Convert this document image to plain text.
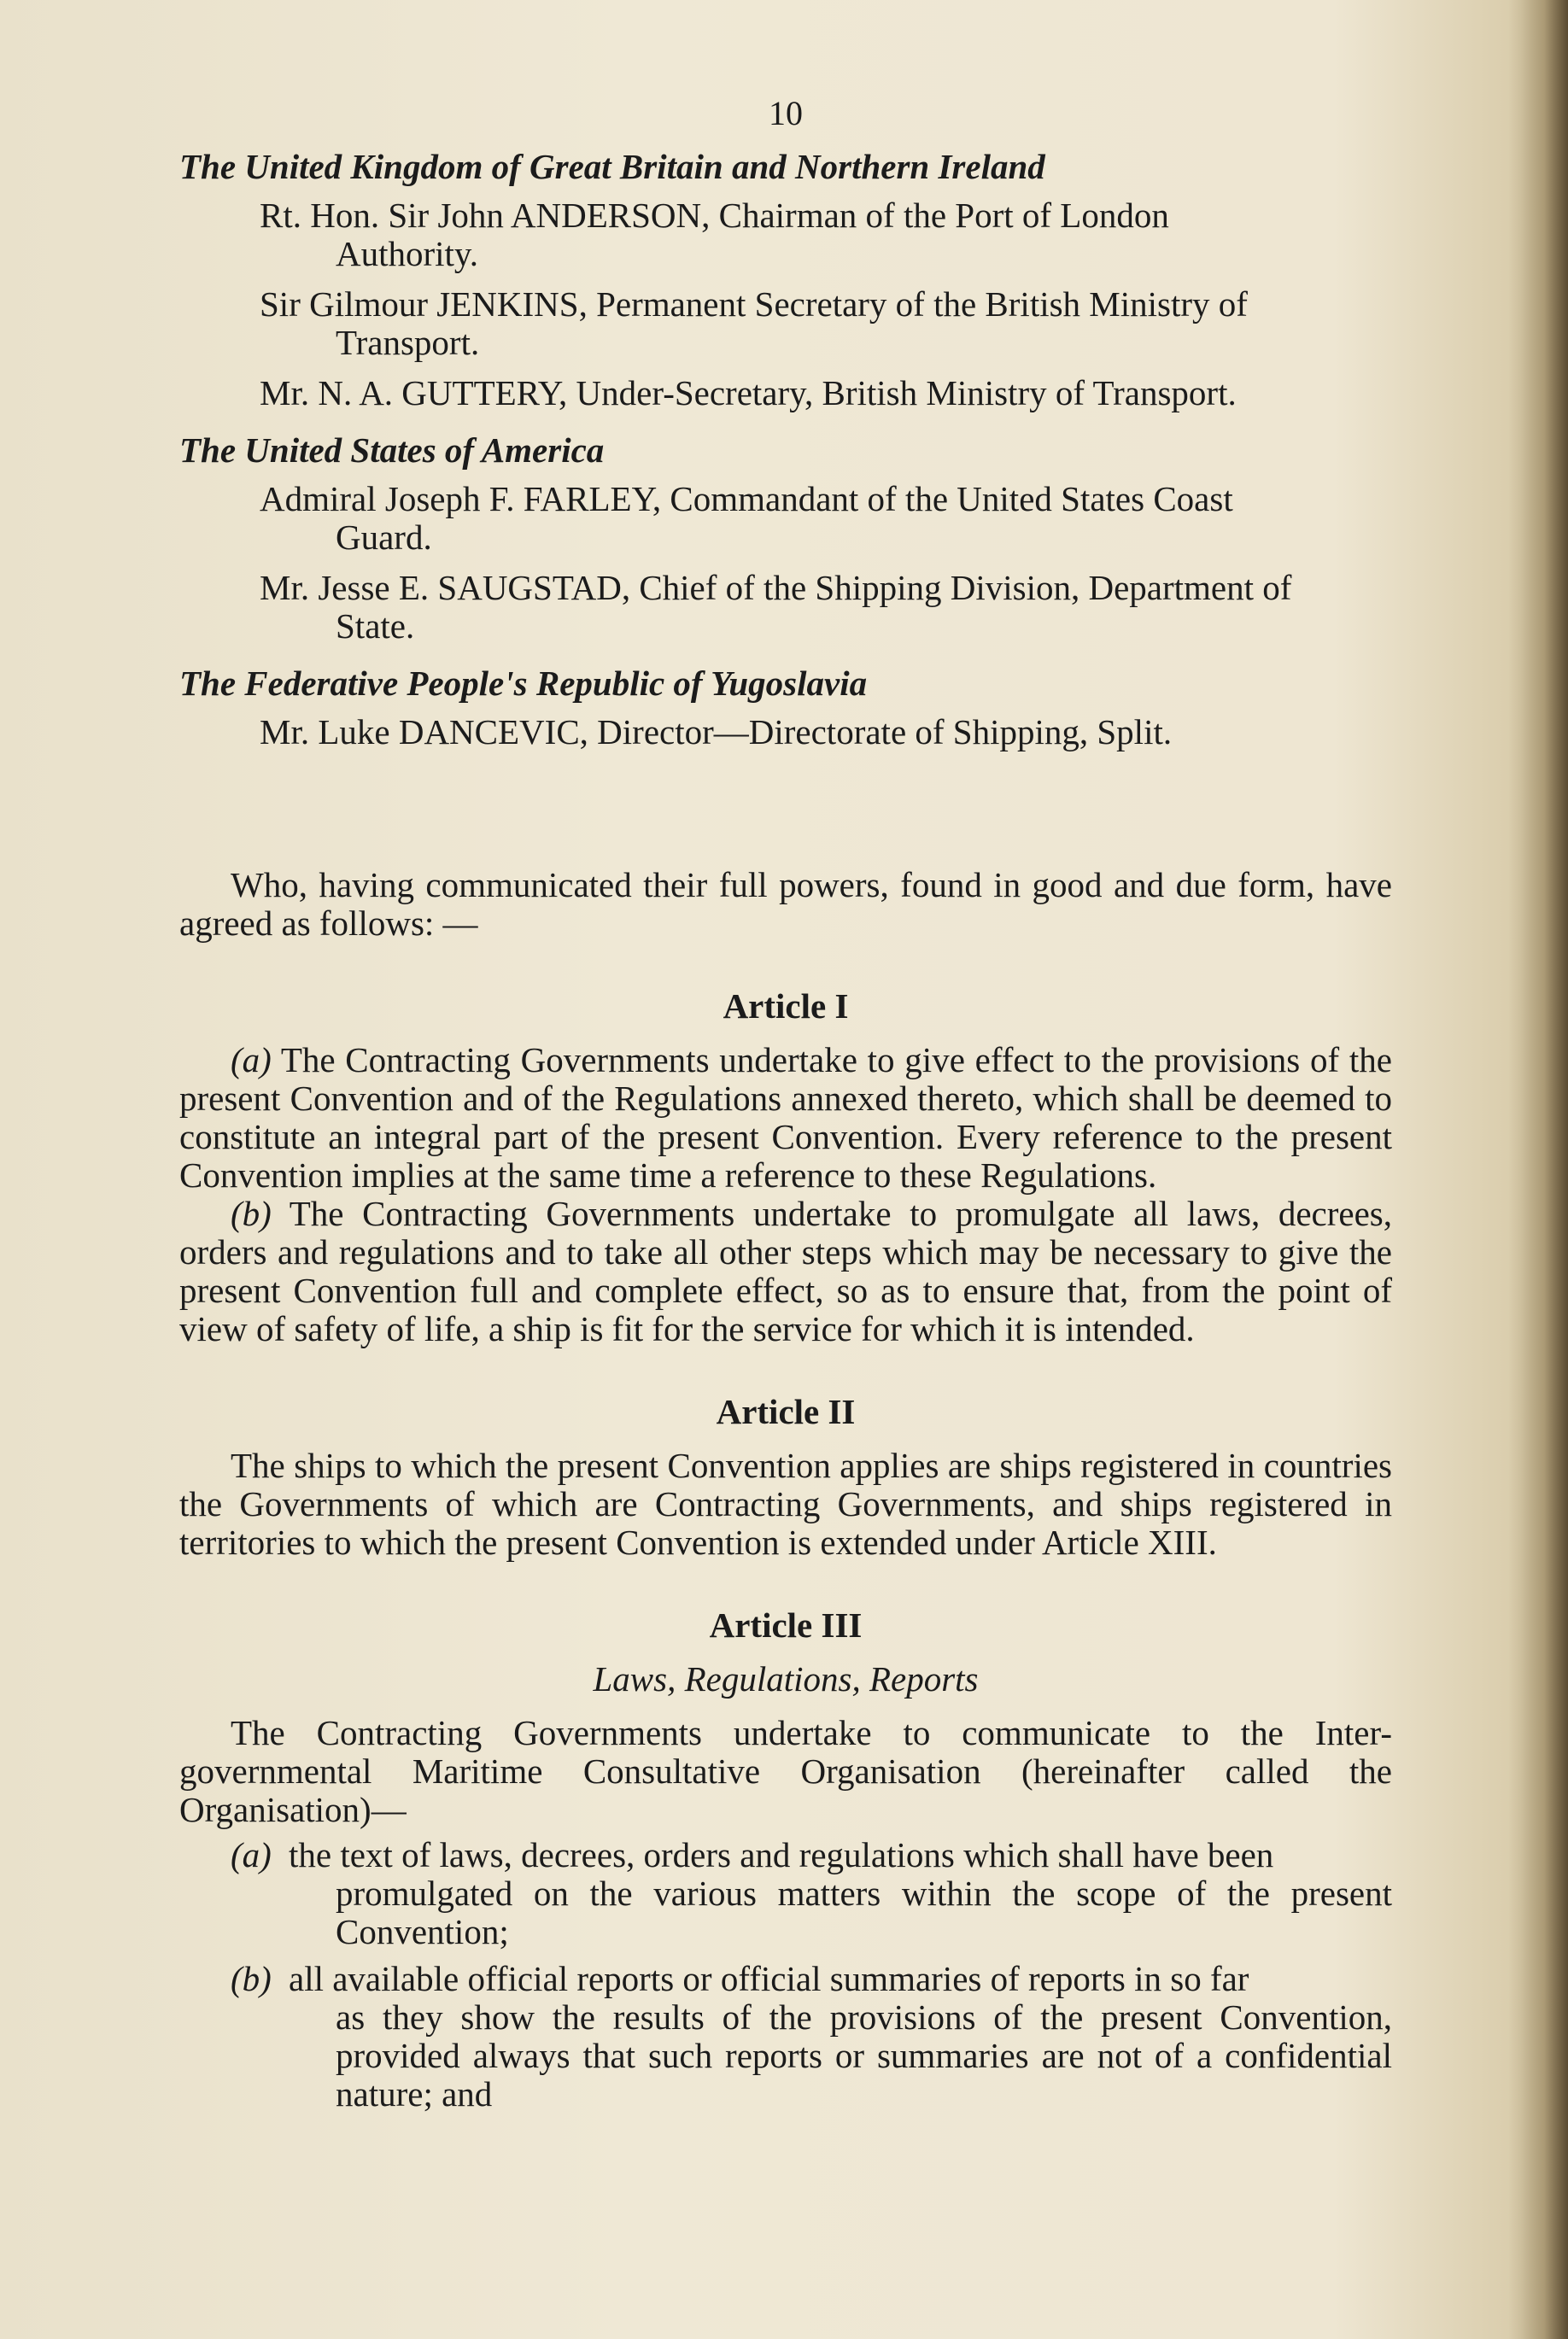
10
The United Kingdom of Great Britain and Northern Ireland
Rt. Hon. Sir John ANDERSON, Chairman of the Port of London
Authority.
Sir Gilmour JENKINS, Permanent Secretary of the British Ministry of
Transport.
Mr. N. A. GUTTERY, Under-Secretary, British Ministry of Transport.
The United States of America
Admiral Joseph F. FARLEY, Commandant of the United States Coast
Guard.
Mr. Jesse E. SAUGSTAD, Chief of the Shipping Division, Department of
State.
The Federative People's Republic of Yugoslavia
Mr. Luke DANCEVIC, Director—Directorate of Shipping, Split.

Who, having communicated their full powers, found in good and due form, have agreed as follows: —

Article I

(a) The Contracting Governments undertake to give effect to the provisions of the present Convention and of the Regulations annexed thereto, which shall be deemed to constitute an integral part of the present Convention. Every reference to the present Convention implies at the same time a reference to these Regulations.

(b) The Contracting Governments undertake to promulgate all laws, decrees, orders and regulations and to take all other steps which may be necessary to give the present Convention full and complete effect, so as to ensure that, from the point of view of safety of life, a ship is fit for the service for which it is intended.

Article II

The ships to which the present Convention applies are ships registered in countries the Governments of which are Contracting Governments, and ships registered in territories to which the present Convention is extended under Article XIII.

Article III
Laws, Regulations, Reports

The Contracting Governments undertake to communicate to the Inter-governmental Maritime Consultative Organisation (hereinafter called the Organisation)—

(a) the text of laws, decrees, orders and regulations which shall have been
promulgated on the various matters within the scope of the present Convention;
(b) all available official reports or official summaries of reports in so far
as they show the results of the provisions of the present Convention, provided always that such reports or summaries are not of a confidential nature; and
